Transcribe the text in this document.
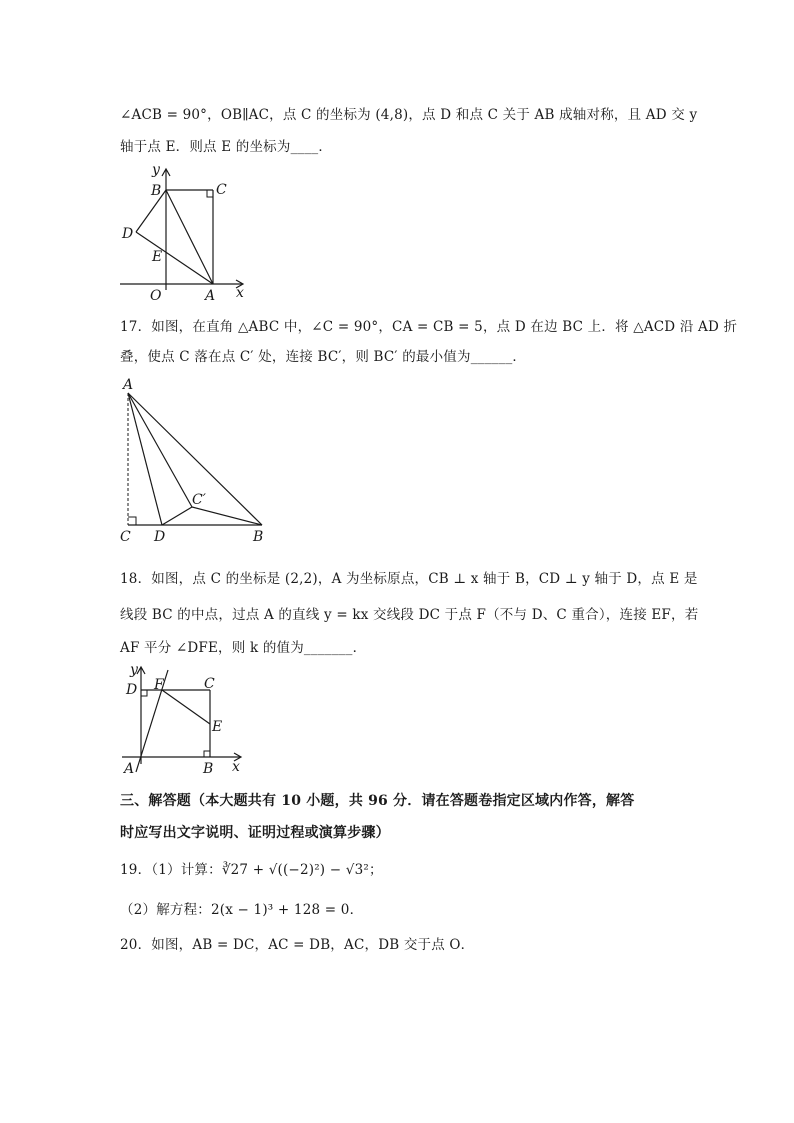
∠ACB = 90°，OB∥AC，点 C 的坐标为 (4,8)，点 D 和点 C 关于 AB 成轴对称，且 AD 交 y
轴于点 E．则点 E 的坐标为____．
y
B	C
D
E
O	A x
17．如图，在直角 △ABC 中，∠C = 90°，CA = CB = 5，点 D 在边 BC 上．将 △ACD 沿 AD 折
叠，使点 C 落在点 C′ 处，连接 BC′，则 BC′ 的最小值为______．
A
C′
C D	B
18．如图，点 C 的坐标是 (2,2)，A 为坐标原点，CB ⊥ x 轴于 B，CD ⊥ y 轴于 D，点 E 是
线段 BC 的中点，过点 A 的直线 y = kx 交线段 DC 于点 F（不与 D、C 重合），连接 EF，若
AF 平分 ∠DFE，则 k 的值为_______．
y
D F	C
E
A	B x
三、解答题（本大题共有 10 小题，共 96 分．请在答题卷指定区域内作答，解答
时应写出文字说明、证明过程或演算步骤）
19．（1）计算：∛27 + √((−2)²) − √3²；
（2）解方程：2(x − 1)³ + 128 = 0．
20．如图，AB = DC，AC = DB，AC，DB 交于点 O．
